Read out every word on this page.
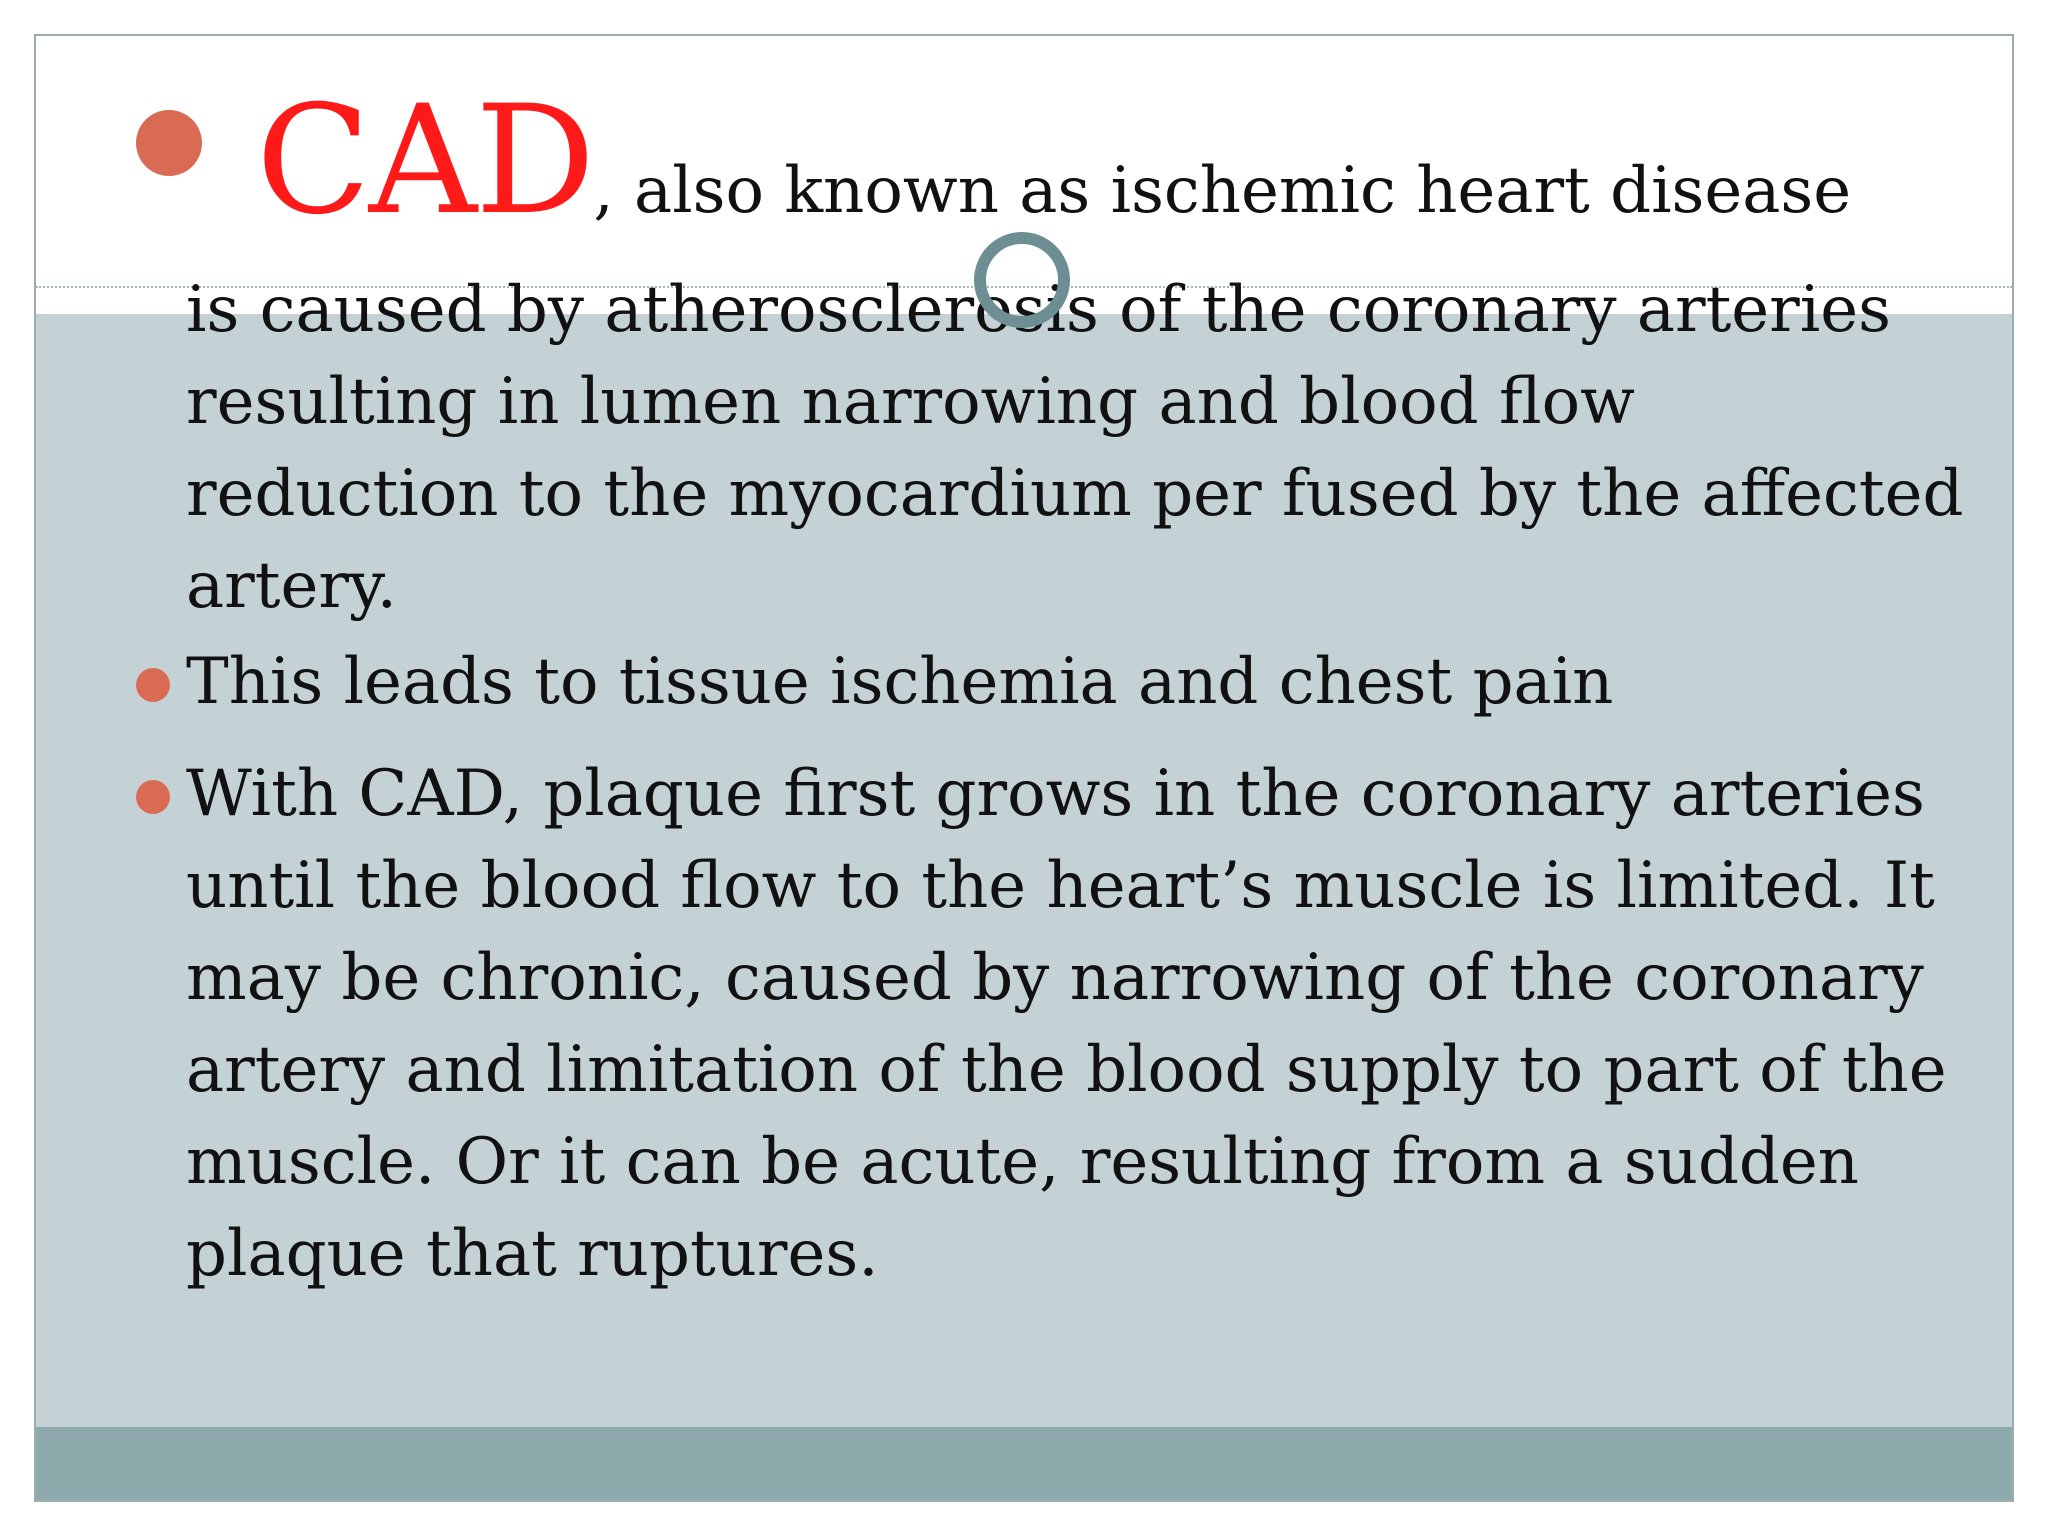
CAD, also known as ischemic heart disease

is caused by atherosclerosis of the coronary arteries resulting in lumen narrowing and blood flow reduction to the myocardium per fused by the affected artery.

This leads to tissue ischemia and chest pain

With CAD, plaque first grows in the coronary arteries until the blood flow to the heart’s muscle is limited. It may be chronic, caused by narrowing of the coronary artery and limitation of the blood supply to part of the muscle. Or it can be acute, resulting from a sudden plaque that ruptures.
